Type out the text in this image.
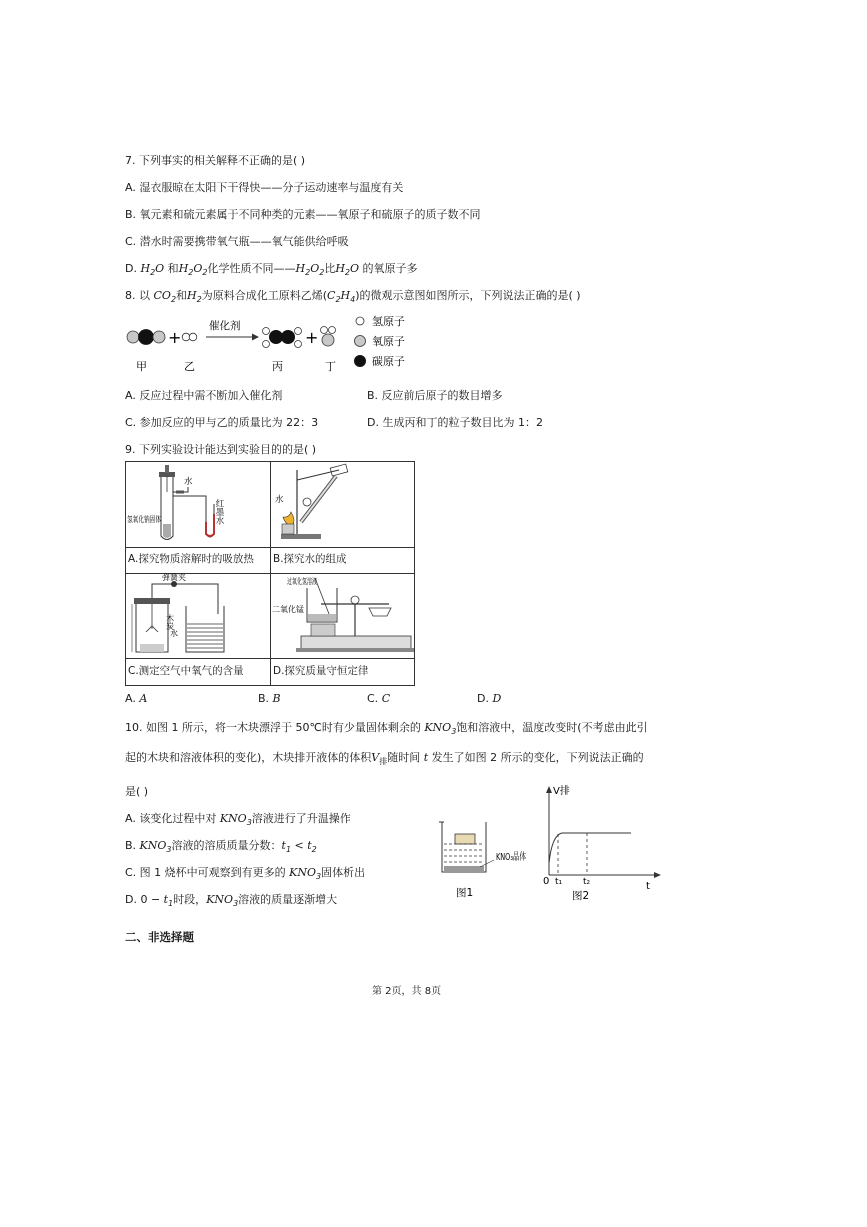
7. 下列事实的相关解释不正确的是( )
A. 湿衣服晾在太阳下干得快——分子运动速率与温度有关
B. 氧元素和硫元素属于不同种类的元素——氧原子和硫原子的质子数不同
C. 潜水时需要携带氧气瓶——氧气能供给呼吸
D. $H_2O$ 和$H_2O_2$化学性质不同$——H_2O_2$比$H_2O$ 的氧原子多
8. 以 $CO_2$和$H_2$为原料合成化工原料乙烯$(C_2H_4)$的微观示意图如图所示，下列说法正确的是( )
+
催化剂
+
甲	乙	丙	丁
氢原子
氧原子
碳原子
A. 反应过程中需不断加入催化剂	B. 反应前后原子的数目增多
C. 参加反应的甲与乙的质量比为 22：3	D. 生成丙和丁的粒子数目比为 1：2
9. 下列实验设计能达到实验目的的是( )
水
红墨水
氢氧化钠固体
水
A.探究物质溶解时的吸放热 B.探究水的组成
弹簧夹
木炭
水
过氧化氢溶液
二氧化锰
C.测定空气中氧气的含量	D.探究质量守恒定律
A. A	B. B	C. C	D. D
10. 如图 1 所示，将一木块漂浮于 50℃时有少量固体剩余的 $KNO_3$饱和溶液中，温度改变时(不考虑由此引
起的木块和溶液体积的变化)，木块排开液体的体积$V_排$随时间 t 发生了如图 2 所示的变化，下列说法正确的
是( )
A. 该变化过程中对 $KNO_3$溶液进行了升温操作
B. $KNO_3$溶液的溶质质量分数：$t_1 < t_2$
C. 图 1 烧杯中可观察到有更多的 $KNO_3$固体析出
D. $0 - t_1$时段，$KNO_3$溶液的质量逐渐增大
KNO₃晶体
图1
V排
0 t₁ t₂	t
图2
二、非选择题
第 2页，共 8页
